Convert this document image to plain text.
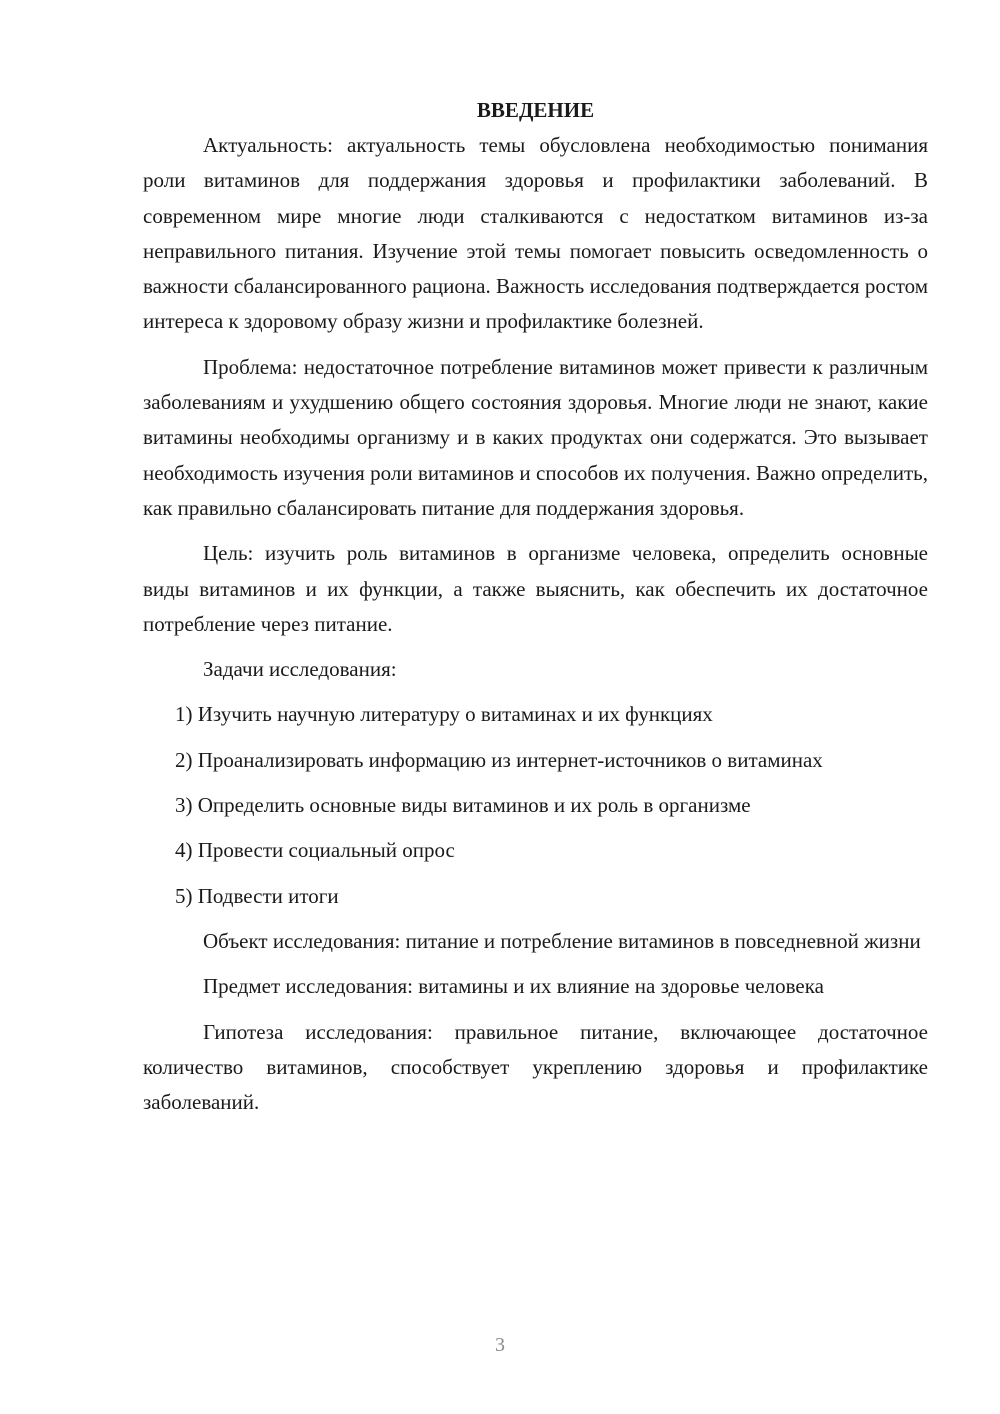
ВВЕДЕНИЕ

Актуальность: актуальность темы обусловлена необходимостью понимания роли витаминов для поддержания здоровья и профилактики заболеваний. В современном мире многие люди сталкиваются с недостатком витаминов из-за неправильного питания. Изучение этой темы помогает повысить осведомленность о важности сбалансированного рациона. Важность исследования подтверждается ростом интереса к здоровому образу жизни и профилактике болезней.

Проблема: недостаточное потребление витаминов может привести к различным заболеваниям и ухудшению общего состояния здоровья. Многие люди не знают, какие витамины необходимы организму и в каких продуктах они содержатся. Это вызывает необходимость изучения роли витаминов и способов их получения. Важно определить, как правильно сбалансировать питание для поддержания здоровья.

Цель: изучить роль витаминов в организме человека, определить основные виды витаминов и их функции, а также выяснить, как обеспечить их достаточное потребление через питание.

Задачи исследования:

1) Изучить научную литературу о витаминах и их функциях

2) Проанализировать информацию из интернет-источников о витаминах

3) Определить основные виды витаминов и их роль в организме

4) Провести социальный опрос

5) Подвести итоги

Объект исследования: питание и потребление витаминов в повседневной жизни

Предмет исследования: витамины и их влияние на здоровье человека

Гипотеза исследования: правильное питание, включающее достаточное количество витаминов, способствует укреплению здоровья и профилактике заболеваний.

3
